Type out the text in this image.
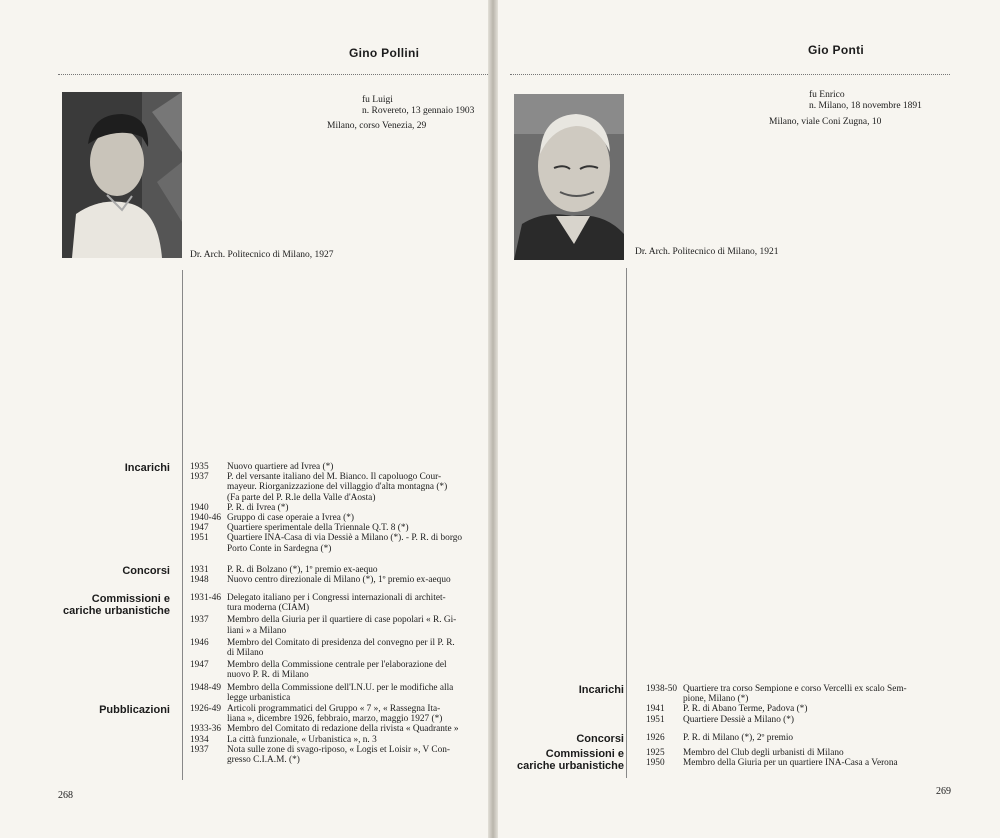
Gino Pollini
fu Luigi
n. Rovereto, 13 gennaio 1903
Milano, corso Venezia, 29
Dr. Arch. Politecnico di Milano, 1927
Incarichi 1935	Nuovo quartiere ad Ivrea (*)
1937	P. del versante italiano del M. Bianco. Il capoluogo Cour-
mayeur. Riorganizzazione del villaggio d'alta montagna (*)
(Fa parte del P. R.le della Valle d'Aosta)
1940	P. R. di Ivrea (*)
1940-46 Gruppo di case operaie a Ivrea (*)
1947	Quartiere sperimentale della Triennale Q.T. 8 (*)
1951	Quartiere INA-Casa di via Dessiè a Milano (*). - P. R. di borgo
Porto Conte in Sardegna (*)
Concorsi 1931	P. R. di Bolzano (*), 1º premio ex-aequo
1948	Nuovo centro direzionale di Milano (*), 1º premio ex-aequo
Commissioni e
cariche urbanistiche
1931-46 Delegato italiano per i Congressi internazionali di architet-
tura moderna (CIAM)
1937	Membro della Giuria per il quartiere di case popolari « R. Gi-
liani » a Milano
1946	Membro del Comitato di presidenza del convegno per il P. R.
di Milano
1947	Membro della Commissione centrale per l'elaborazione del
nuovo P. R. di Milano
1948-49 Membro della Commissione dell'I.N.U. per le modifiche alla
legge urbanistica
Pubblicazioni 1926-49 Articoli programmatici del Gruppo « 7 », « Rassegna Ita-
liana », dicembre 1926, febbraio, marzo, maggio 1927 (*)
1933-36 Membro del Comitato di redazione della rivista « Quadrante »
1934	La città funzionale, « Urbanistica », n. 3
1937	Nota sulle zone di svago-riposo, « Logis et Loisir », V Con-
gresso C.I.A.M. (*)
268
Gio Ponti
fu Enrico
n. Milano, 18 novembre 1891
Milano, viale Coni Zugna, 10
Dr. Arch. Politecnico di Milano, 1921
Incarichi 1938-50 Quartiere tra corso Sempione e corso Vercelli ex scalo Sem-
pione, Milano (*)
1941	P. R. di Abano Terme, Padova (*)
1951	Quartiere Dessiè a Milano (*)
Concorsi 1926	P. R. di Milano (*), 2º premio
Commissioni e
cariche urbanistiche
1925	Membro del Club degli urbanisti di Milano
1950	Membro della Giuria per un quartiere INA-Casa a Verona
269
